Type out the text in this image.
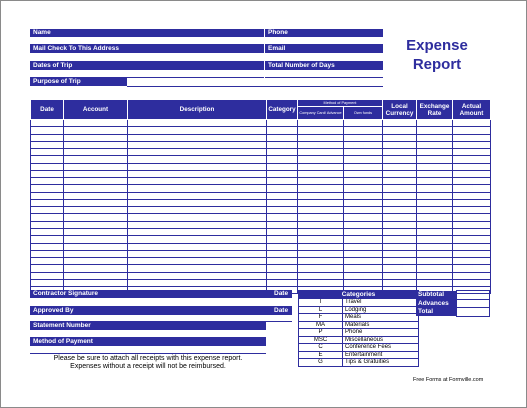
Name	Phone
Mail Check To This Address	Email
Dates of Trip	Total Number of Days
Purpose of Trip
Expense
Report
Date	Account	Description	Category	Method of Payment		Local Currency	Exchange Rate	Actual Amount
				Company Card/ Advance	Own funds			

Contractor Signature	Date
Approved By	Date
Statement Number
Method of Payment
Please be sure to attach all receipts with this expense report.
Expenses without a receipt will not be reimbursed.
Categories	
T	Travel
L	Lodging
F	Meals
MA	Materials
P	Phone
MSC	Miscellaneous
C	Conference Fees
E	Entertainment
G	Tips & Gratuities
Subtotal	
Advances	
Total	
Free Forms at Formville.com
